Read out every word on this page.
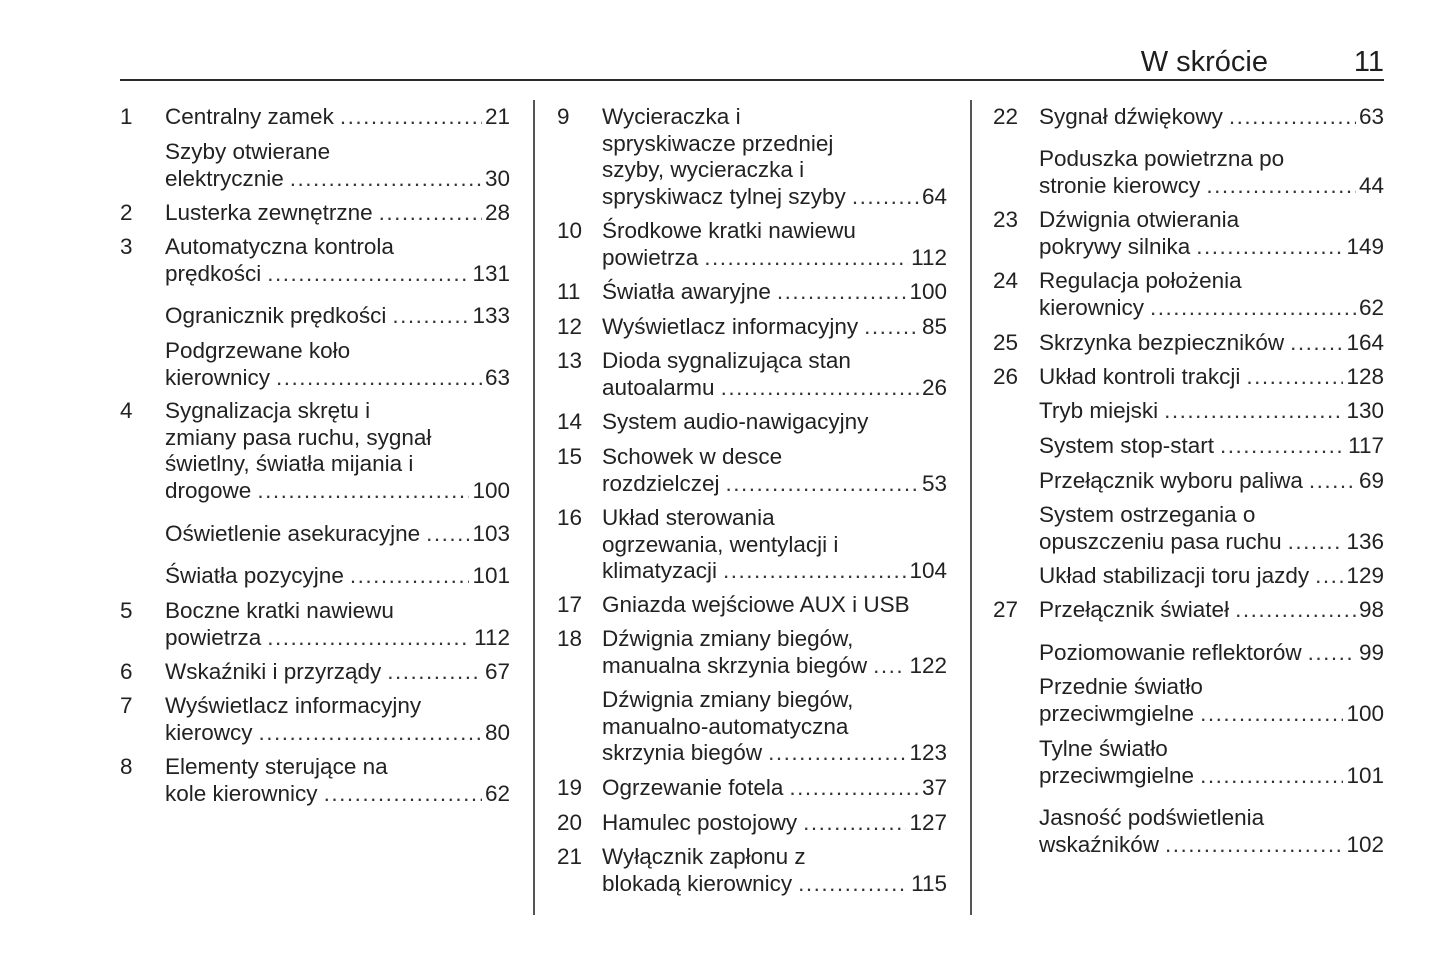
W skrócie	11
1 Centralny zamek .....	21
Szyby otwierane
elektrycznie .....	30
2 Lusterka zewnętrzne .....	28
3 Automatyczna kontrola
prędkości .....	131
Ogranicznik prędkości .....	133
Podgrzewane koło
kierownicy .....	63
4 Sygnalizacja skrętu i
zmiany pasa ruchu, sygnał
świetlny, światła mijania i
drogowe .....	100
Oświetlenie asekuracyjne ..... 103
Światła pozycyjne .....	101
5 Boczne kratki nawiewu
powietrza .....	112
6 Wskaźniki i przyrządy .....	67
7 Wyświetlacz informacyjny
kierowcy .....	80
8 Elementy sterujące na
kole kierownicy .....	62
9 Wycieraczka i
spryskiwacze przedniej
szyby, wycieraczka i
spryskiwacz tylnej szyby .....	64
10 Środkowe kratki nawiewu
powietrza .....	112
11 Światła awaryjne .....	100
12 Wyświetlacz informacyjny .....	85
13 Dioda sygnalizująca stan
autoalarmu .....	26
14 System audio-nawigacyjny
15 Schowek w desce
rozdzielczej .....	53
16 Układ sterowania
ogrzewania, wentylacji i
klimatyzacji .....	104
17 Gniazda wejściowe AUX i USB
18 Dźwignia zmiany biegów,
manualna skrzynia biegów ..... 122
Dźwignia zmiany biegów,
manualno-automatyczna
skrzynia biegów .....	123
19 Ogrzewanie fotela .....	37
20 Hamulec postojowy .....	127
21 Wyłącznik zapłonu z
blokadą kierownicy .....	115
22 Sygnał dźwiękowy .....	63
Poduszka powietrzna po
stronie kierowcy .....	44
23 Dźwignia otwierania
pokrywy silnika .....	149
24 Regulacja położenia
kierownicy .....	62
25 Skrzynka bezpieczników .....	164
26 Układ kontroli trakcji .....	128
Tryb miejski .....	130
System stop-start .....	117
Przełącznik wyboru paliwa ..... 69
System ostrzegania o
opuszczeniu pasa ruchu .....	136
Układ stabilizacji toru jazdy ..... 129
27 Przełącznik świateł .....	98
Poziomowanie reflektorów .....	99
Przednie światło
przeciwmgielne .....	100
Tylne światło
przeciwmgielne .....	101
Jasność podświetlenia
wskaźników .....	102
